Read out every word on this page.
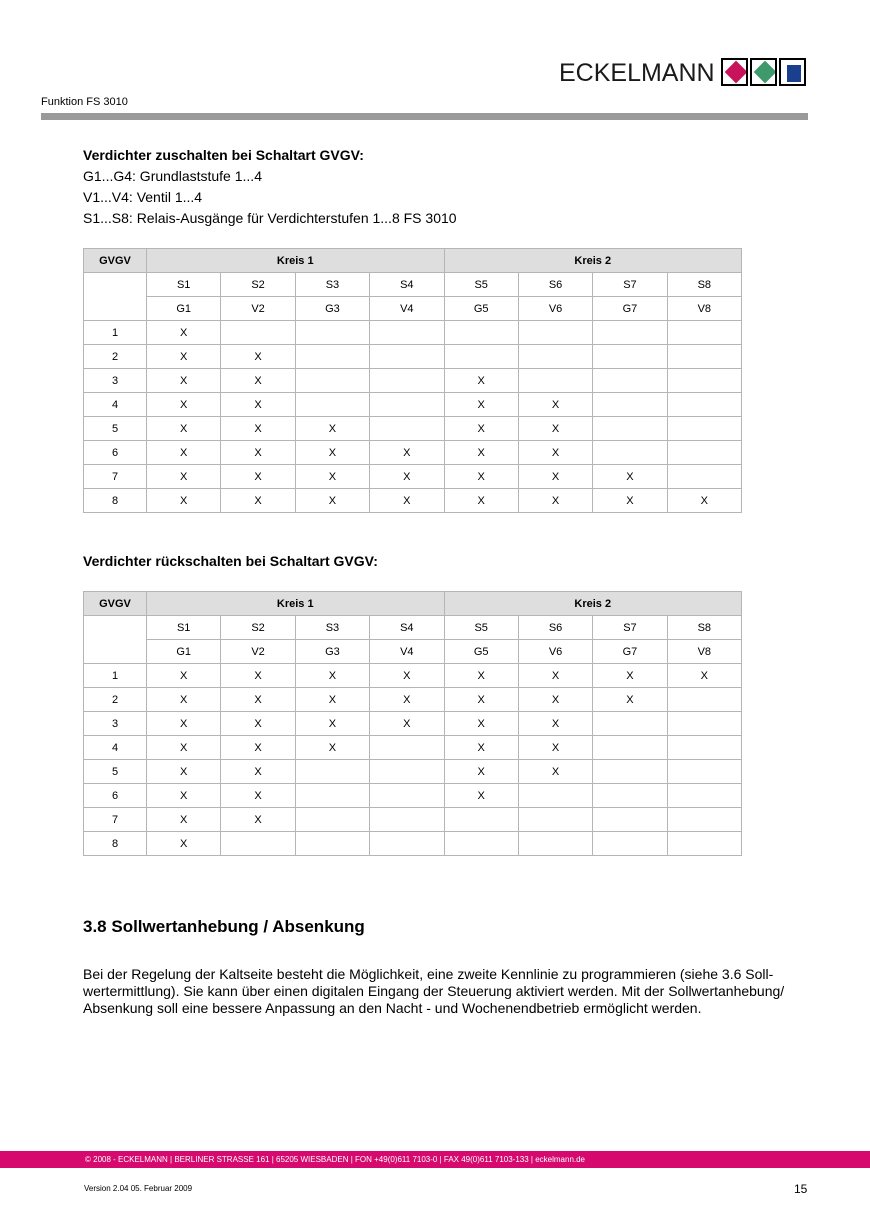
ECKELMANN
Funktion FS 3010
Verdichter zuschalten bei Schaltart GVGV:
G1...G4: Grundlaststufe 1...4
V1...V4: Ventil 1...4
S1...S8: Relais-Ausgänge für Verdichterstufen 1...8 FS 3010
GVGV	Kreis 1				Kreis 2			
	S1	S2	S3	S4	S5	S6	S7	S8
	G1	V2	G3	V4	G5	V6	G7	V8
1	X							
2	X	X						
3	X	X			X			
4	X	X			X	X		
5	X	X	X		X	X		
6	X	X	X	X	X	X		
7	X	X	X	X	X	X	X	
8	X	X	X	X	X	X	X	X
Verdichter rückschalten bei Schaltart GVGV:
GVGV	Kreis 1				Kreis 2			
	S1	S2	S3	S4	S5	S6	S7	S8
	G1	V2	G3	V4	G5	V6	G7	V8
1	X	X	X	X	X	X	X	X
2	X	X	X	X	X	X	X	
3	X	X	X	X	X	X		
4	X	X	X		X	X		
5	X	X			X	X		
6	X	X			X			
7	X	X						
8	X							
3.8 Sollwertanhebung / Absenkung

Bei der Regelung der Kaltseite besteht die Möglichkeit, eine zweite Kennlinie zu programmieren (siehe 3.6 Soll-wertermittlung). Sie kann über einen digitalen Eingang der Steuerung aktiviert werden. Mit der Sollwertanhebung/ Absenkung soll eine bessere Anpassung an den Nacht - und Wochenendbetrieb ermöglicht werden.

© 2008 - ECKELMANN | BERLINER STRASSE 161 | 65205 WIESBADEN | FON +49(0)611 7103-0 | FAX 49(0)611 7103-133 | eckelmann.de
Version 2.04 05. Februar 2009	15
